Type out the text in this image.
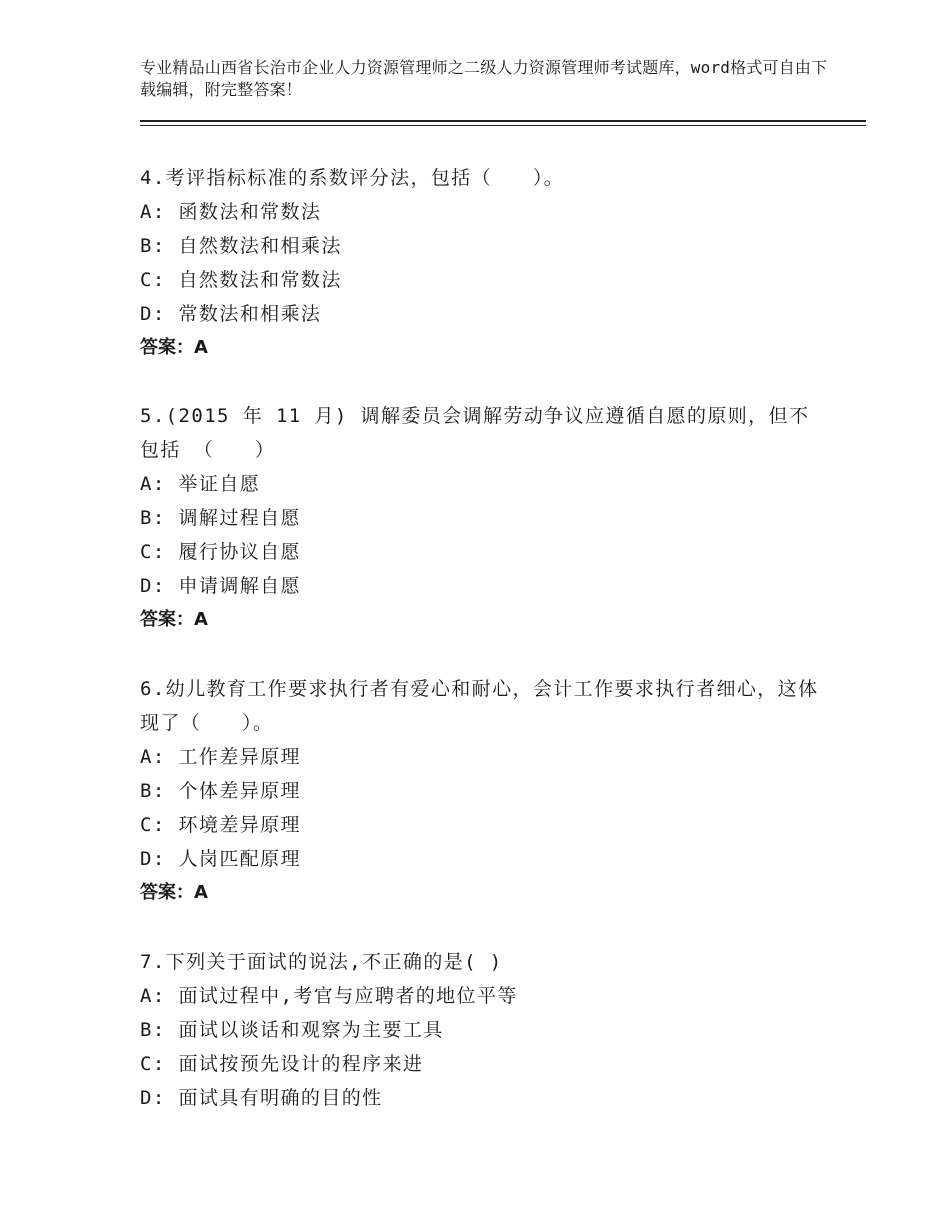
专业精品山西省长治市企业人力资源管理师之二级人力资源管理师考试题库，word格式可自由下载编辑，附完整答案！
4.考评指标标准的系数评分法，包括（　　）。
A: 函数法和常数法
B: 自然数法和相乘法
C: 自然数法和常数法
D: 常数法和相乘法
答案：A
5.(2015 年 11 月) 调解委员会调解劳动争议应遵循自愿的原则，但不包括 （　　）
A: 举证自愿
B: 调解过程自愿
C: 履行协议自愿
D: 申请调解自愿
答案：A
6.幼儿教育工作要求执行者有爱心和耐心，会计工作要求执行者细心，这体现了（　　）。
A: 工作差异原理
B: 个体差异原理
C: 环境差异原理
D: 人岗匹配原理
答案：A
7.下列关于面试的说法,不正确的是( )
A: 面试过程中,考官与应聘者的地位平等
B: 面试以谈话和观察为主要工具
C: 面试按预先设计的程序来进
D: 面试具有明确的目的性
